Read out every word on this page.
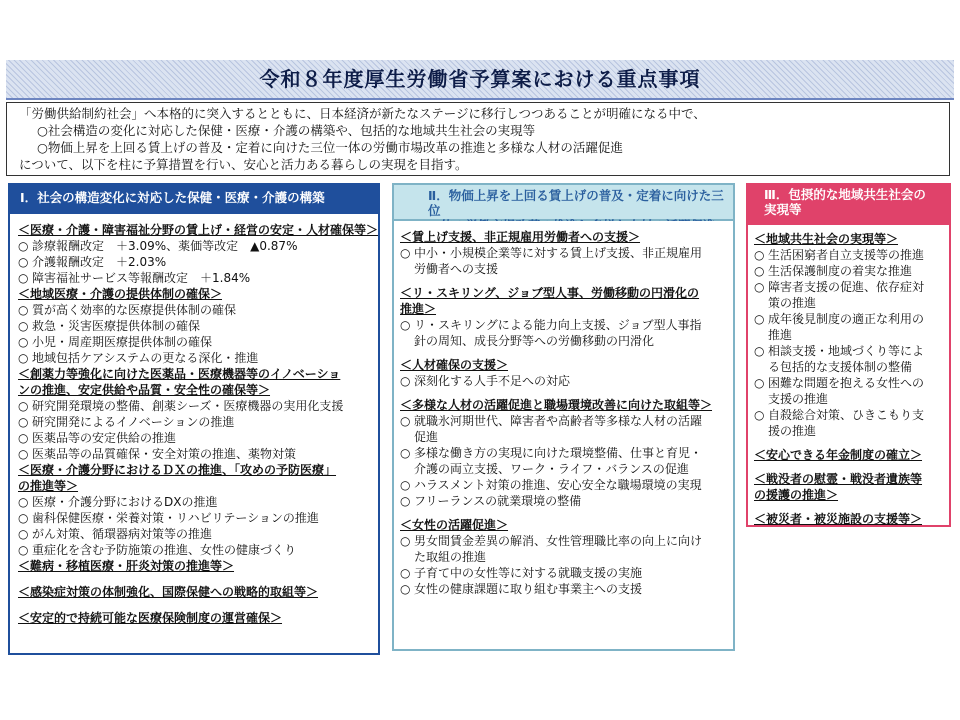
令和８年度厚生労働省予算案における重点事項
「労働供給制約社会」へ本格的に突入するとともに、日本経済が新たなステージに移行しつつあることが明確になる中で、
○社会構造の変化に対応した保健・医療・介護の構築や、包括的な地域共生社会の実現等
○物価上昇を上回る賃上げの普及・定着に向けた三位一体の労働市場改革の推進と多様な人材の活躍促進
について、以下を柱に予算措置を行い、安心と活力ある暮らしの実現を目指す。
Ⅰ．社会の構造変化に対応した保健・医療・介護の構築
＜医療・介護・障害福祉分野の賃上げ・経営の安定・人材確保等＞
○ 診療報酬改定　＋3.09%、薬価等改定　▲0.87%
○ 介護報酬改定　＋2.03%
○ 障害福祉サービス等報酬改定　＋1.84%
＜地域医療・介護の提供体制の確保＞
○ 質が高く効率的な医療提供体制の確保
○ 救急・災害医療提供体制の確保
○ 小児・周産期医療提供体制の確保
○ 地域包括ケアシステムの更なる深化・推進
＜創薬力等強化に向けた医薬品・医療機器等のイノベーショ
ンの推進、安定供給や品質・安全性の確保等＞
○ 研究開発環境の整備、創薬シーズ・医療機器の実用化支援
○ 研究開発によるイノベーションの推進
○ 医薬品等の安定供給の推進
○ 医薬品等の品質確保・安全対策の推進、薬物対策
＜医療・介護分野におけるＤＸの推進、「攻めの予防医療」
の推進等＞
○ 医療・介護分野におけるDXの推進
○ 歯科保健医療・栄養対策・リハビリテーションの推進
○ がん対策、循環器病対策等の推進
○ 重症化を含む予防施策の推進、女性の健康づくり
＜難病・移植医療・肝炎対策の推進等＞
＜感染症対策の体制強化、国際保健への戦略的取組等＞
＜安定的で持続可能な医療保険制度の運営確保＞
Ⅱ．物価上昇を上回る賃上げの普及・定着に向けた三位
＜賃上げ支援、非正規雇用労働者への支援＞
○ 中小・小規模企業等に対する賃上げ支援、非正規雇用
労働者への支援
＜リ・スキリング、ジョブ型人事、労働移動の円滑化の
推進＞
○ リ・スキリングによる能力向上支援、ジョブ型人事指
針の周知、成長分野等への労働移動の円滑化
＜人材確保の支援＞
○ 深刻化する人手不足への対応
＜多様な人材の活躍促進と職場環境改善に向けた取組等＞
○ 就職氷河期世代、障害者や高齢者等多様な人材の活躍
促進
○ 多様な働き方の実現に向けた環境整備、仕事と育児・
介護の両立支援、ワーク・ライフ・バランスの促進
○ ハラスメント対策の推進、安心安全な職場環境の実現
○ フリーランスの就業環境の整備
＜女性の活躍促進＞
○ 男女間賃金差異の解消、女性管理職比率の向上に向け
た取組の推進
○ 子育て中の女性等に対する就職支援の実施
○ 女性の健康課題に取り組む事業主への支援
Ⅲ．包摂的な地域共生社会の
実現等
＜地域共生社会の実現等＞
○ 生活困窮者自立支援等の推進
○ 生活保護制度の着実な推進
○ 障害者支援の促進、依存症対
策の推進
○ 成年後見制度の適正な利用の
推進
○ 相談支援・地域づくり等によ
る包括的な支援体制の整備
○ 困難な問題を抱える女性への
支援の推進
○ 自殺総合対策、ひきこもり支
援の推進
＜安心できる年金制度の確立＞
＜戦没者の慰霊・戦没者遺族等
の援護の推進＞
＜被災者・被災施設の支援等＞
